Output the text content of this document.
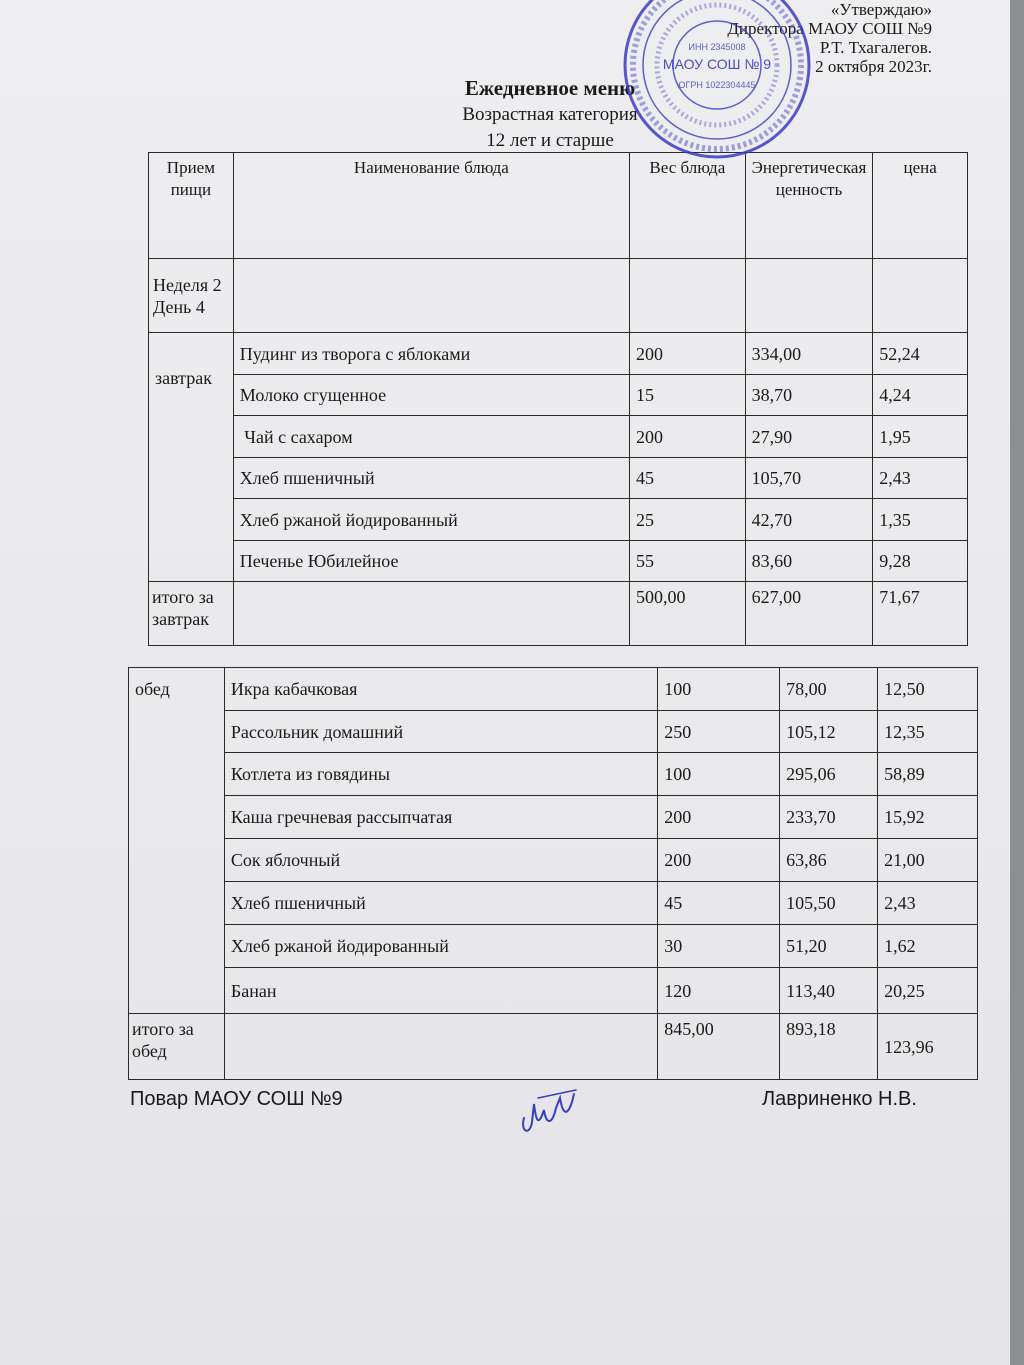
«Утверждаю»
Директора МАОУ СОШ №9
Р.Т. Тхагалегов.
2 октября 2023г.
Ежедневное меню
Возрастная категория
12 лет и старше
Прием пищи	Наименование блюда	Вес блюда	Энергетическая ценность	цена

Неделя 2
День 4				

завтрак	Пудинг из творога с яблоками	200	334,00	52,24
	Молоко сгущенное	15	38,70	4,24
	Чай с сахаром	200	27,90	1,95
	Хлеб пшеничный	45	105,70	2,43
	Хлеб ржаной йодированный	25	42,70	1,35
	Печенье Юбилейное	55	83,60	9,28

итого за
завтрак		500,00	627,00	71,67
обед	Икра кабачковая	100	78,00	12,50
	Рассольник домашний	250	105,12	12,35
	Котлета из говядины	100	295,06	58,89
	Каша гречневая рассыпчатая	200	233,70	15,92
	Сок яблочный	200	63,86	21,00
	Хлеб пшеничный	45	105,50	2,43
	Хлеб ржаной йодированный	30	51,20	1,62
	Банан	120	113,40	20,25

итого за
обед		845,00	893,18	123,96
МАОУ СОШ № 9
ИНН 2345008
ОГРН 1022304445
Повар МАОУ СОШ №9	Лавриненко Н.В.
